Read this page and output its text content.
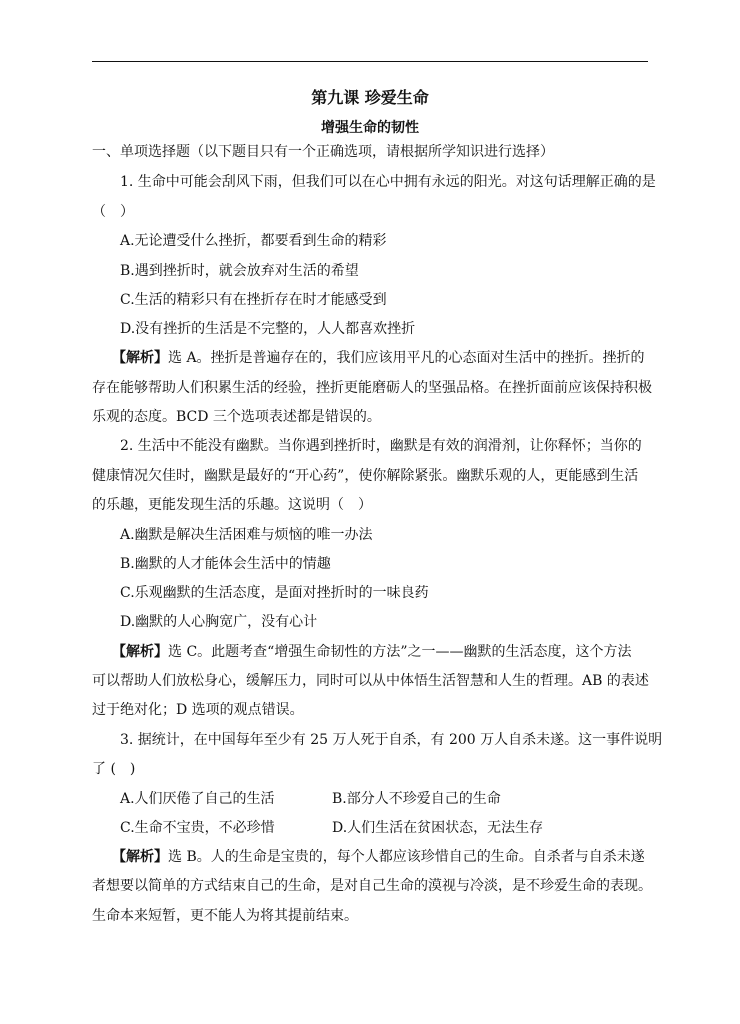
第九课 珍爱生命
增强生命的韧性
一、单项选择题（以下题目只有一个正确选项，请根据所学知识进行选择）
1. 生命中可能会刮风下雨，但我们可以在心中拥有永远的阳光。对这句话理解正确的是
（　）
A.无论遭受什么挫折，都要看到生命的精彩
B.遇到挫折时，就会放弃对生活的希望
C.生活的精彩只有在挫折存在时才能感受到
D.没有挫折的生活是不完整的，人人都喜欢挫折
【解析】选 A。挫折是普遍存在的，我们应该用平凡的心态面对生活中的挫折。挫折的
存在能够帮助人们积累生活的经验，挫折更能磨砺人的坚强品格。在挫折面前应该保持积极
乐观的态度。BCD 三个选项表述都是错误的。
2. 生活中不能没有幽默。当你遇到挫折时，幽默是有效的润滑剂，让你释怀；当你的
健康情况欠佳时，幽默是最好的“开心药”，使你解除紧张。幽默乐观的人，更能感到生活
的乐趣，更能发现生活的乐趣。这说明（　）
A.幽默是解决生活困难与烦恼的唯一办法
B.幽默的人才能体会生活中的情趣
C.乐观幽默的生活态度，是面对挫折时的一味良药
D.幽默的人心胸宽广，没有心计
【解析】选 C。此题考查“增强生命韧性的方法”之一——幽默的生活态度，这个方法
可以帮助人们放松身心，缓解压力，同时可以从中体悟生活智慧和人生的哲理。AB 的表述
过于绝对化；D 选项的观点错误。
3. 据统计，在中国每年至少有 25 万人死于自杀，有 200 万人自杀未遂。这一事件说明
了 (　)
A.人们厌倦了自己的生活	B.部分人不珍爱自己的生命
C.生命不宝贵，不必珍惜	D.人们生活在贫困状态，无法生存
【解析】选 B。人的生命是宝贵的，每个人都应该珍惜自己的生命。自杀者与自杀未遂
者想要以简单的方式结束自己的生命，是对自己生命的漠视与冷淡，是不珍爱生命的表现。
生命本来短暂，更不能人为将其提前结束。
